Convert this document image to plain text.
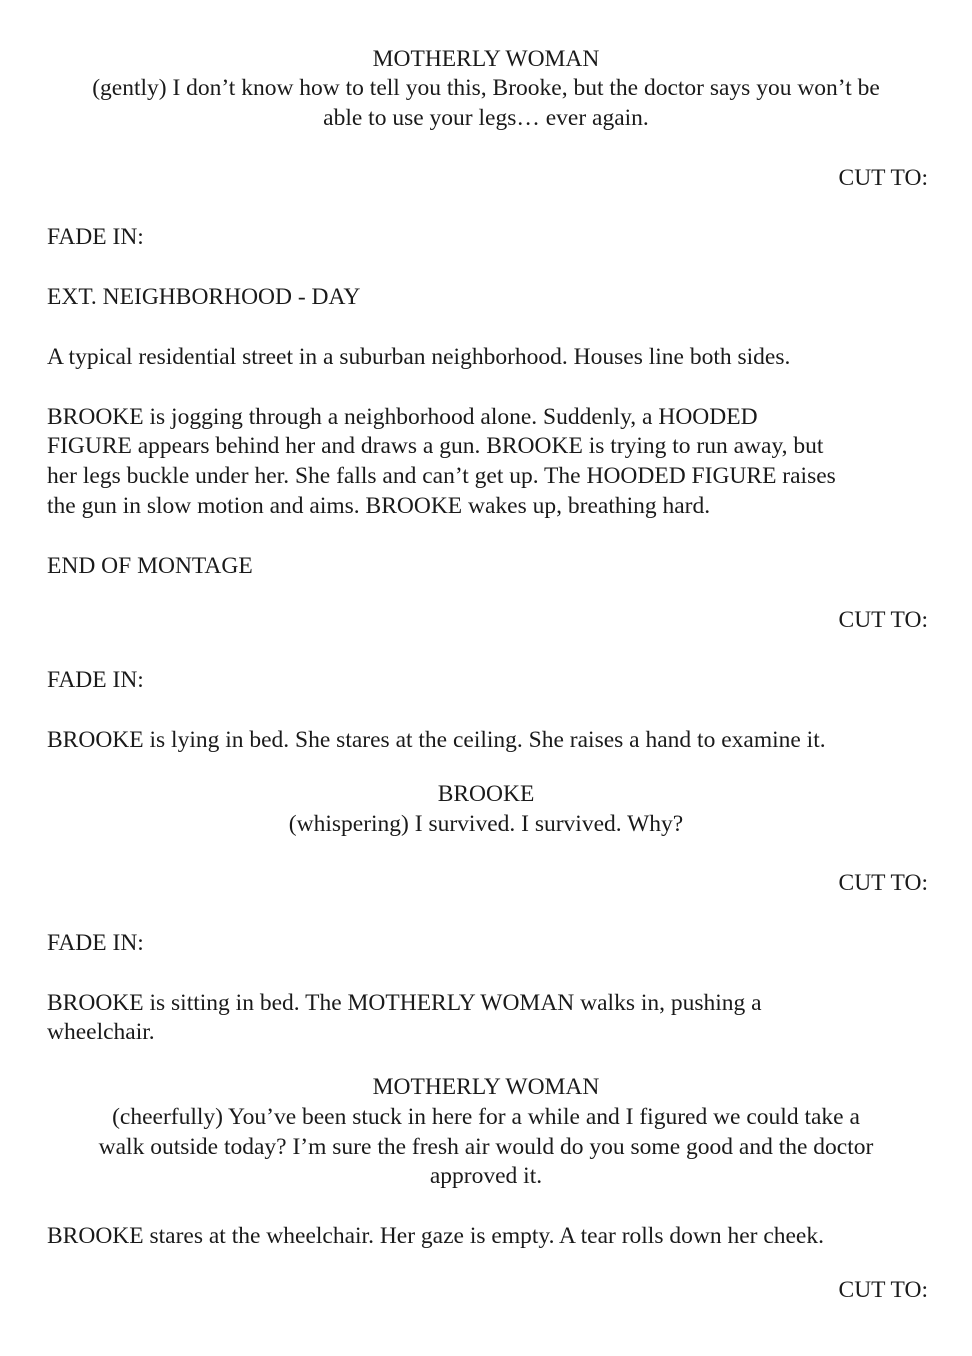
MOTHERLY WOMAN

(gently) I don’t know how to tell you this, Brooke, but the doctor says you won’t be

able to use your legs… ever again.

CUT TO:

FADE IN:

EXT. NEIGHBORHOOD - DAY

A typical residential street in a suburban neighborhood. Houses line both sides.

BROOKE is jogging through a neighborhood alone. Suddenly, a HOODED

FIGURE appears behind her and draws a gun. BROOKE is trying to run away, but

her legs buckle under her. She falls and can’t get up. The HOODED FIGURE raises

the gun in slow motion and aims. BROOKE wakes up, breathing hard.

END OF MONTAGE

CUT TO:

FADE IN:

BROOKE is lying in bed. She stares at the ceiling. She raises a hand to examine it.

BROOKE

(whispering) I survived. I survived. Why?

CUT TO:

FADE IN:

BROOKE is sitting in bed. The MOTHERLY WOMAN walks in, pushing a

wheelchair.

MOTHERLY WOMAN

(cheerfully) You’ve been stuck in here for a while and I figured we could take a

walk outside today? I’m sure the fresh air would do you some good and the doctor

approved it.

BROOKE stares at the wheelchair. Her gaze is empty. A tear rolls down her cheek.

CUT TO:
